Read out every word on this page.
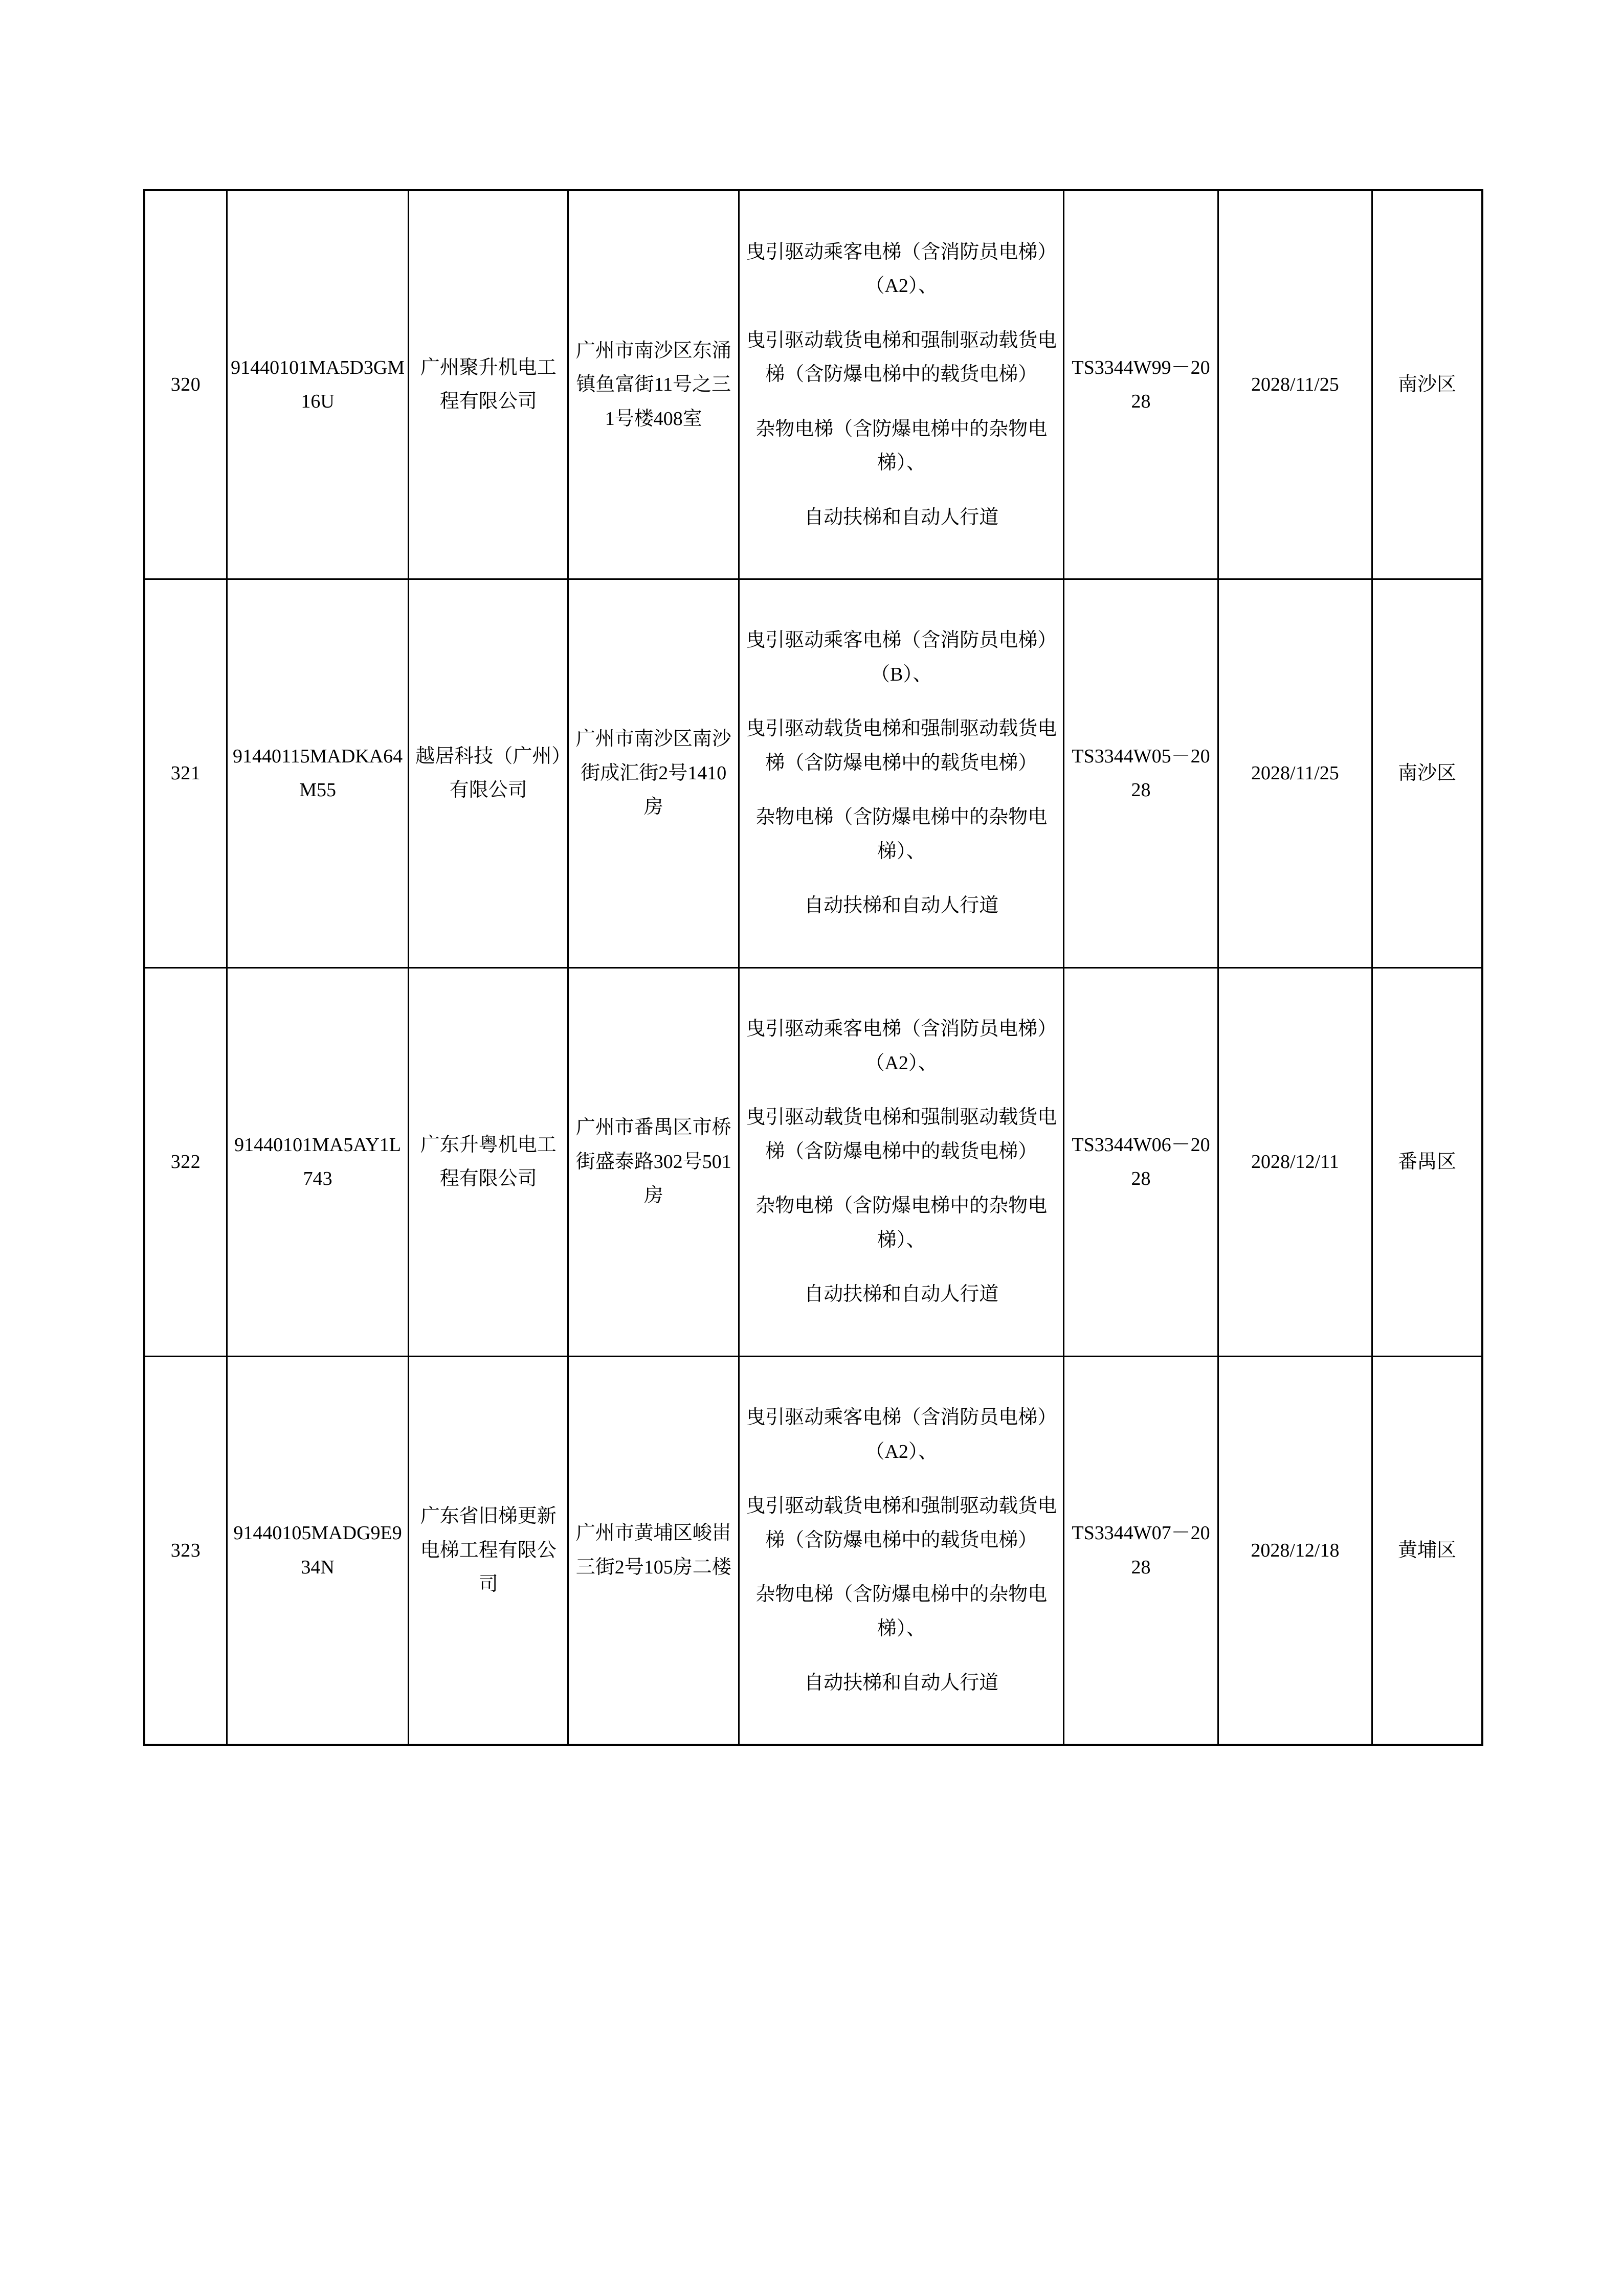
320	91440101MA5D3GM16U	广州聚升机电工程有限公司	广州市南沙区东涌镇鱼富街11号之三1号楼408室	曳引驱动乘客电梯（含消防员电梯）（A2）、
曳引驱动载货电梯和强制驱动载货电梯（含防爆电梯中的载货电梯）
杂物电梯（含防爆电梯中的杂物电梯）、
自动扶梯和自动人行道	TS3344W99－2028	2028/11/25	南沙区
321	91440115MADKA64M55	越居科技（广州）有限公司	广州市南沙区南沙街成汇街2号1410房	曳引驱动乘客电梯（含消防员电梯）（B）、
曳引驱动载货电梯和强制驱动载货电梯（含防爆电梯中的载货电梯）
杂物电梯（含防爆电梯中的杂物电梯）、
自动扶梯和自动人行道	TS3344W05－2028	2028/11/25	南沙区
322	91440101MA5AY1L743	广东升粤机电工程有限公司	广州市番禺区市桥街盛泰路302号501房	曳引驱动乘客电梯（含消防员电梯）（A2）、
曳引驱动载货电梯和强制驱动载货电梯（含防爆电梯中的载货电梯）
杂物电梯（含防爆电梯中的杂物电梯）、
自动扶梯和自动人行道	TS3344W06－2028	2028/12/11	番禺区
323	91440105MADG9E934N	广东省旧梯更新电梯工程有限公司	广州市黄埔区峻峀三街2号105房二楼	曳引驱动乘客电梯（含消防员电梯）（A2）、
曳引驱动载货电梯和强制驱动载货电梯（含防爆电梯中的载货电梯）
杂物电梯（含防爆电梯中的杂物电梯）、
自动扶梯和自动人行道	TS3344W07－2028	2028/12/18	黄埔区
